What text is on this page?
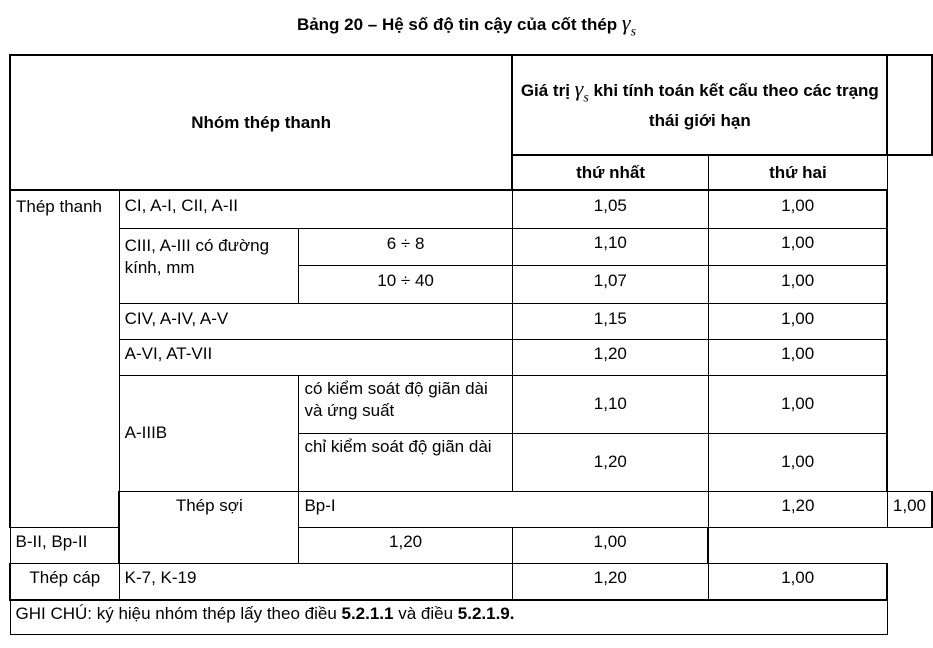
Bảng 20 – Hệ số độ tin cậy của cốt thép $\gamma_s$
Nhóm thép thanh			Giá trị $\gamma_s$ khi tính toán kết cấu theo các trạng thái giới hạn		
			thứ nhất	thứ hai	
Thép thanh	CI, A-I, CII, A-II		1,05	1,00	
	CIII, A-III có đường kính, mm	6 ÷ 8	1,10	1,00	
		10 ÷ 40	1,07	1,00	
	CIV, A-IV, A-V		1,15	1,00	
	A-VI, AT-VII		1,20	1,00	
	A-IIIB	có kiểm soát độ giãn dài và ứng suất	1,10	1,00	
		chỉ kiểm soát độ giãn dài	1,20	1,00	
	Thép sợi	Bp-I		1,20	1,00
B-II, Bp-II		1,20	1,00		
Thép cáp	K-7, K-19		1,20	1,00	
GHI CHÚ: ký hiệu nhóm thép lấy theo điều 5.2.1.1 và điều 5.2.1.9.					
